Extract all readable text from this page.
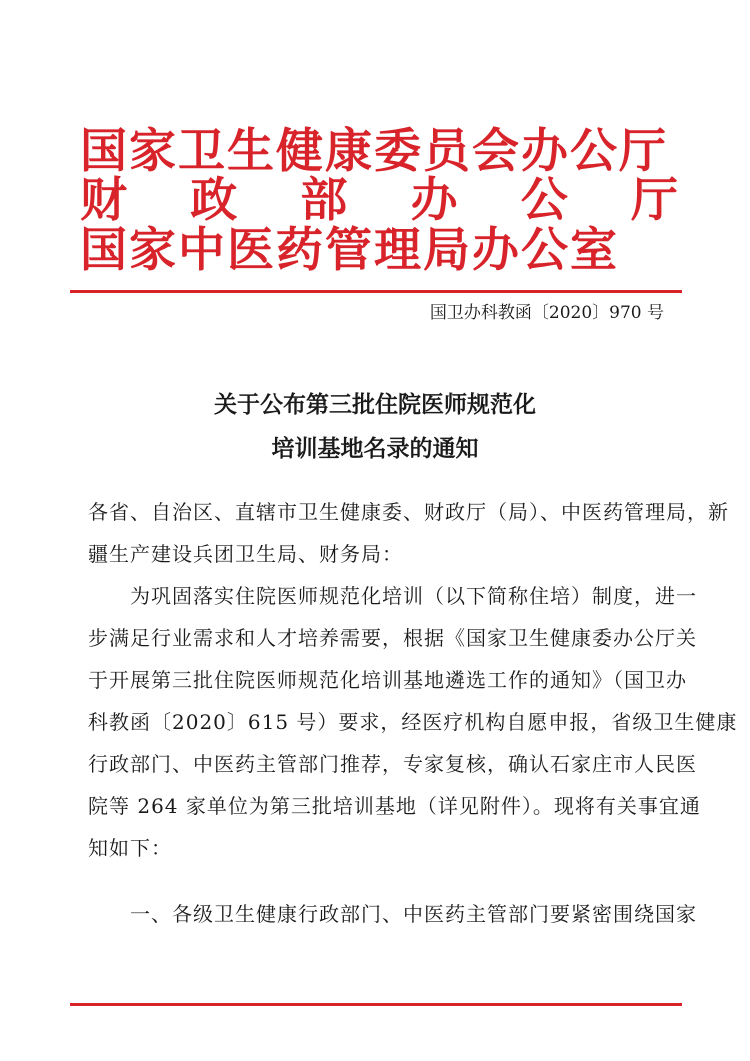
国家卫生健康委员会办公厅
财 政 部 办 公 厅
国家中医药管理局办公室
国卫办科教函〔2020〕970 号
关于公布第三批住院医师规范化
培训基地名录的通知
各省、自治区、直辖市卫生健康委、财政厅（局）、中医药管理局，新
疆生产建设兵团卫生局、财务局：
　　为巩固落实住院医师规范化培训（以下简称住培）制度，进一
步满足行业需求和人才培养需要，根据《国家卫生健康委办公厅关
于开展第三批住院医师规范化培训基地遴选工作的通知》（国卫办
科教函〔2020〕615 号）要求，经医疗机构自愿申报，省级卫生健康
行政部门、中医药主管部门推荐，专家复核，确认石家庄市人民医
院等 264 家单位为第三批培训基地（详见附件）。现将有关事宜通
知如下：
　　一、各级卫生健康行政部门、中医药主管部门要紧密围绕国家
